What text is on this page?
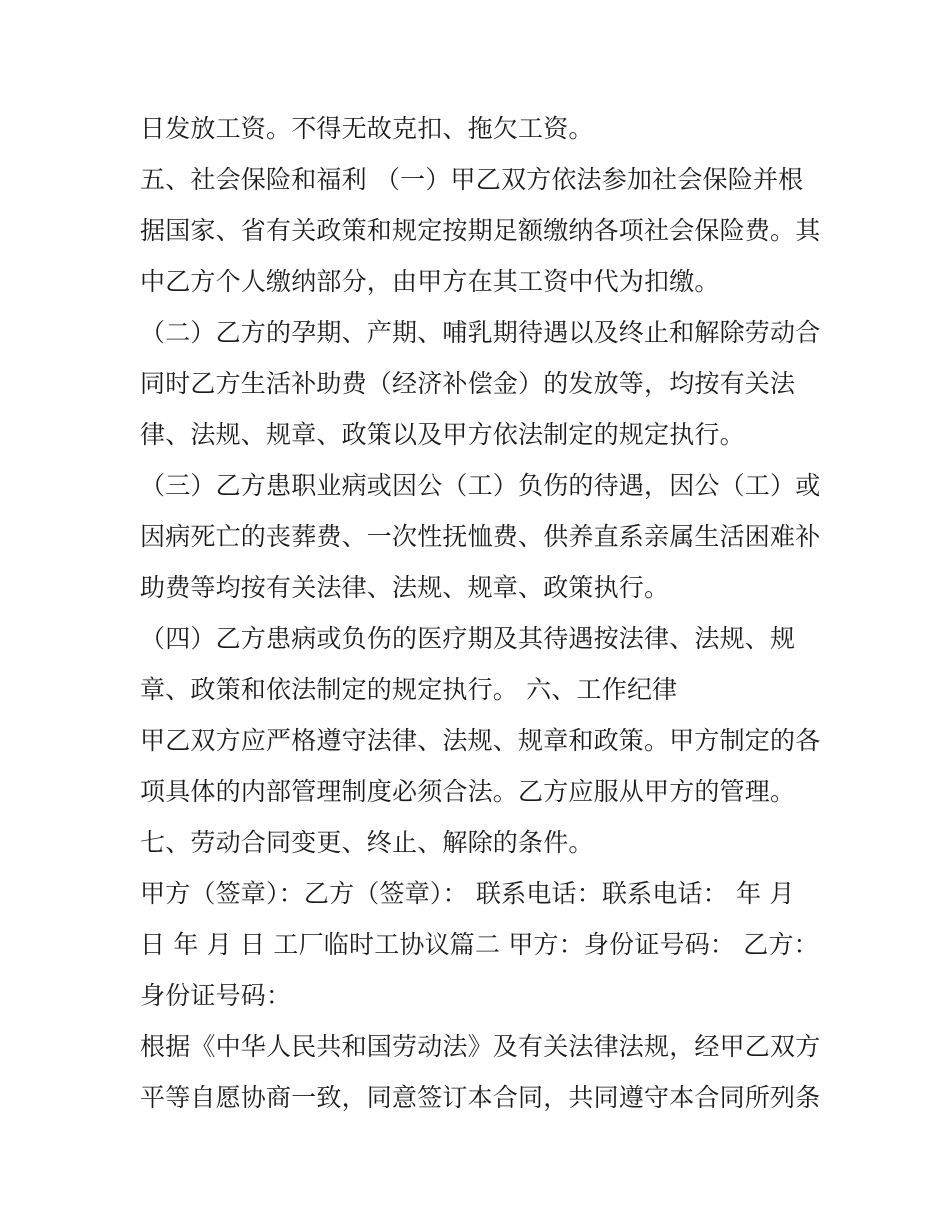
日发放工资。不得无故克扣、拖欠工资。
五、社会保险和福利 （一）甲乙双方依法参加社会保险并根
据国家、省有关政策和规定按期足额缴纳各项社会保险费。其
中乙方个人缴纳部分，由甲方在其工资中代为扣缴。
（二）乙方的孕期、产期、哺乳期待遇以及终止和解除劳动合
同时乙方生活补助费（经济补偿金）的发放等，均按有关法
律、法规、规章、政策以及甲方依法制定的规定执行。
（三）乙方患职业病或因公（工）负伤的待遇，因公（工）或
因病死亡的丧葬费、一次性抚恤费、供养直系亲属生活困难补
助费等均按有关法律、法规、规章、政策执行。
（四）乙方患病或负伤的医疗期及其待遇按法律、法规、规
章、政策和依法制定的规定执行。 六、工作纪律
甲乙双方应严格遵守法律、法规、规章和政策。甲方制定的各
项具体的内部管理制度必须合法。乙方应服从甲方的管理。
七、劳动合同变更、终止、解除的条件。
甲方（签章）：乙方（签章）： 联系电话：联系电话： 年 月
日 年 月 日 工厂临时工协议篇二 甲方：身份证号码： 乙方：
身份证号码：
根据《中华人民共和国劳动法》及有关法律法规，经甲乙双方
平等自愿协商一致，同意签订本合同，共同遵守本合同所列条
